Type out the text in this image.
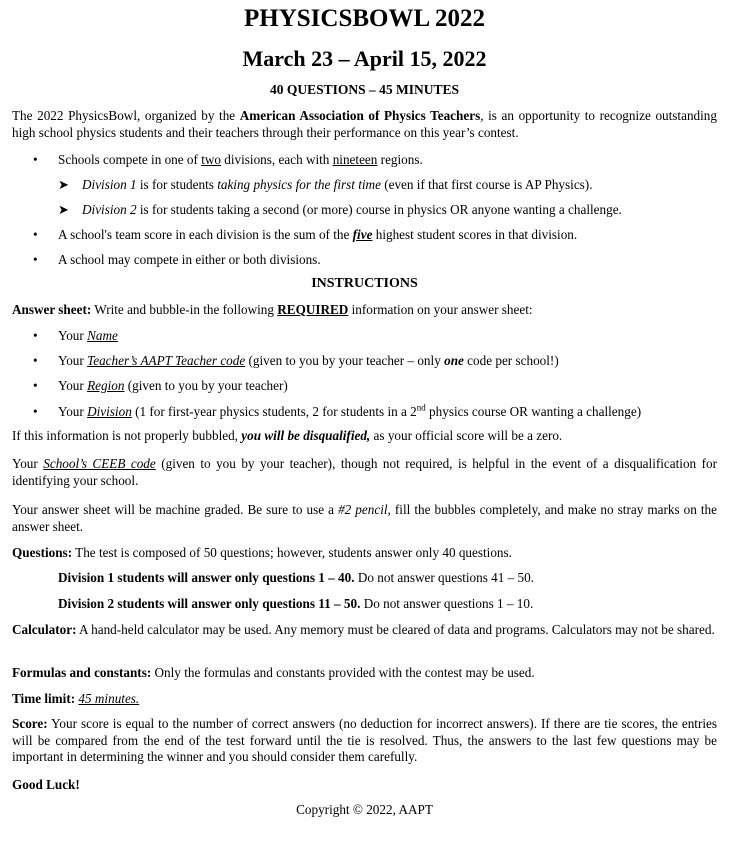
PHYSICSBOWL 2022
March 23 – April 15, 2022
40 QUESTIONS – 45 MINUTES
The 2022 PhysicsBowl, organized by the American Association of Physics Teachers, is an opportunity to recognize outstanding high school physics students and their teachers through their performance on this year’s contest.
• Schools compete in one of two divisions, each with nineteen regions.
➤ Division 1 is for students taking physics for the first time (even if that first course is AP Physics).
➤ Division 2 is for students taking a second (or more) course in physics OR anyone wanting a challenge.
• A school's team score in each division is the sum of the five highest student scores in that division.
• A school may compete in either or both divisions.
INSTRUCTIONS
Answer sheet: Write and bubble-in the following REQUIRED information on your answer sheet:
• Your Name
• Your Teacher’s AAPT Teacher code (given to you by your teacher – only one code per school!)
• Your Region (given to you by your teacher)
• Your Division (1 for first-year physics students, 2 for students in a 2nd physics course OR wanting a challenge)
If this information is not properly bubbled, you will be disqualified, as your official score will be a zero.
Your School’s CEEB code (given to you by your teacher), though not required, is helpful in the event of a disqualification for identifying your school.
Your answer sheet will be machine graded. Be sure to use a #2 pencil, fill the bubbles completely, and make no stray marks on the answer sheet.
Questions: The test is composed of 50 questions; however, students answer only 40 questions.
Division 1 students will answer only questions 1 – 40. Do not answer questions 41 – 50.
Division 2 students will answer only questions 11 – 50. Do not answer questions 1 – 10.
Calculator: A hand-held calculator may be used. Any memory must be cleared of data and programs. Calculators may not be shared.
Formulas and constants: Only the formulas and constants provided with the contest may be used.
Time limit: 45 minutes.
Score: Your score is equal to the number of correct answers (no deduction for incorrect answers). If there are tie scores, the entries will be compared from the end of the test forward until the tie is resolved. Thus, the answers to the last few questions may be important in determining the winner and you should consider them carefully.
Good Luck!
Copyright © 2022, AAPT
